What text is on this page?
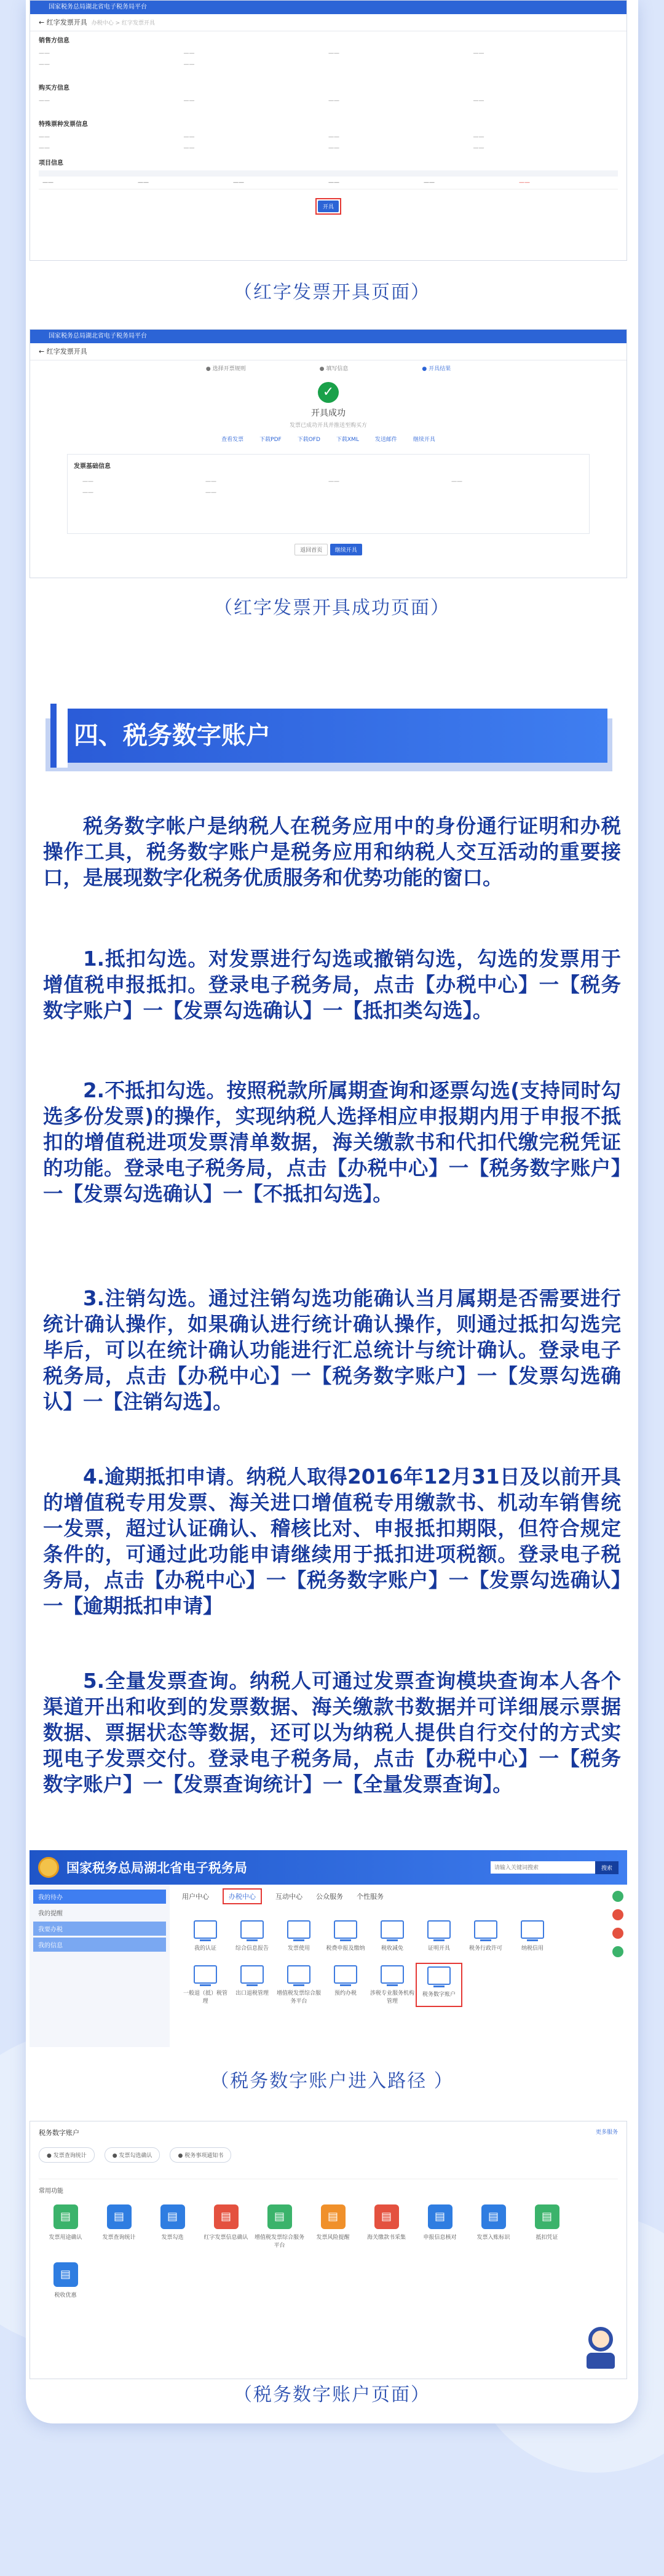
国家税务总局湖北省电子税务局平台
← 红字发票开具 办税中心 > 红字发票开具
销售方信息
——	——	——	——
——	——
购买方信息
——	——	——	——
特殊票种发票信息
——	——	——	——
——	——	——	——
项目信息
——	——	——	——	——	——
开具
（红字发票开具页面）
国家税务总局湖北省电子税务局平台
← 红字发票开具
● 选择开票规则	● 填写信息	● 开具结果
✓
开具成功
发票已成功开具并推送至购买方
查看发票	下载PDF	下载OFD	下载XML	发送邮件	继续开具
发票基础信息
——	——	——	——
——	——
返回首页 继续开具
（红字发票开具成功页面）
四、税务数字账户
税务数字帐户是纳税人在税务应用中的身份通行证明和办税操作工具，税务数字账户是税务应用和纳税人交互活动的重要接口，是展现数字化税务优质服务和优势功能的窗口。
1.抵扣勾选。对发票进行勾选或撤销勾选，勾选的发票用于增值税申报抵扣。登录电子税务局，点击【办税中心】一【税务数字账户】一【发票勾选确认】一【抵扣类勾选】。
2.不抵扣勾选。按照税款所属期查询和逐票勾选(支持同时勾选多份发票)的操作，实现纳税人选择相应申报期内用于申报不抵扣的增值税进项发票清单数据，海关缴款书和代扣代缴完税凭证的功能。登录电子税务局，点击【办税中心】一【税务数字账户】一【发票勾选确认】一【不抵扣勾选】。
3.注销勾选。通过注销勾选功能确认当月属期是否需要进行统计确认操作，如果确认进行统计确认操作，则通过抵扣勾选完毕后，可以在统计确认功能进行汇总统计与统计确认。登录电子税务局，点击【办税中心】一【税务数字账户】一【发票勾选确认】一【注销勾选】。
4.逾期抵扣申请。纳税人取得2016年12月31日及以前开具的增值税专用发票、海关进口增值税专用缴款书、机动车销售统一发票，超过认证确认、稽核比对、申报抵扣期限，但符合规定条件的，可通过此功能申请继续用于抵扣进项税额。登录电子税务局，点击【办税中心】一【税务数字账户】一【发票勾选确认】一【逾期抵扣申请】
5.全量发票查询。纳税人可通过发票查询模块查询本人各个渠道开出和收到的发票数据、海关缴款书数据并可详细展示票据数据、票据状态等数据，还可以为纳税人提供自行交付的方式实现电子发票交付。登录电子税务局，点击【办税中心】一【税务数字账户】一【发票查询统计】一【全量发票查询】。
国家税务总局湖北省电子税务局
请输入关键词搜索	搜索
我的待办
我的提醒
我要办税
我的信息
用户中心	办税中心	互动中心 公众服务 个性服务
我的认证	综合信息报告	发票使用	税费申报及缴纳	税收减免	证明开具	税务行政许可	纳税信用
一般退（抵）税管理
出口退税管理	增值税发票综合服务平台
预约办税	涉税专业服务机构管理
税务数字账户
（税务数字账户进入路径 ）
税务数字账户	更多服务
● 发票查询统计	● 发票勾选确认	● 税务事项通知书
常用功能
▤
发票用途确认
▤
发票查询统计
▤
发票勾选
▤
红字发票信息确认
▤
增值税发票综合服务平台
▤
发票风险提醒
▤
海关缴款书采集
▤
申报信息核对
▤
发票入账标识
▤
抵扣凭证
▤
税收优惠
（税务数字账户页面）
